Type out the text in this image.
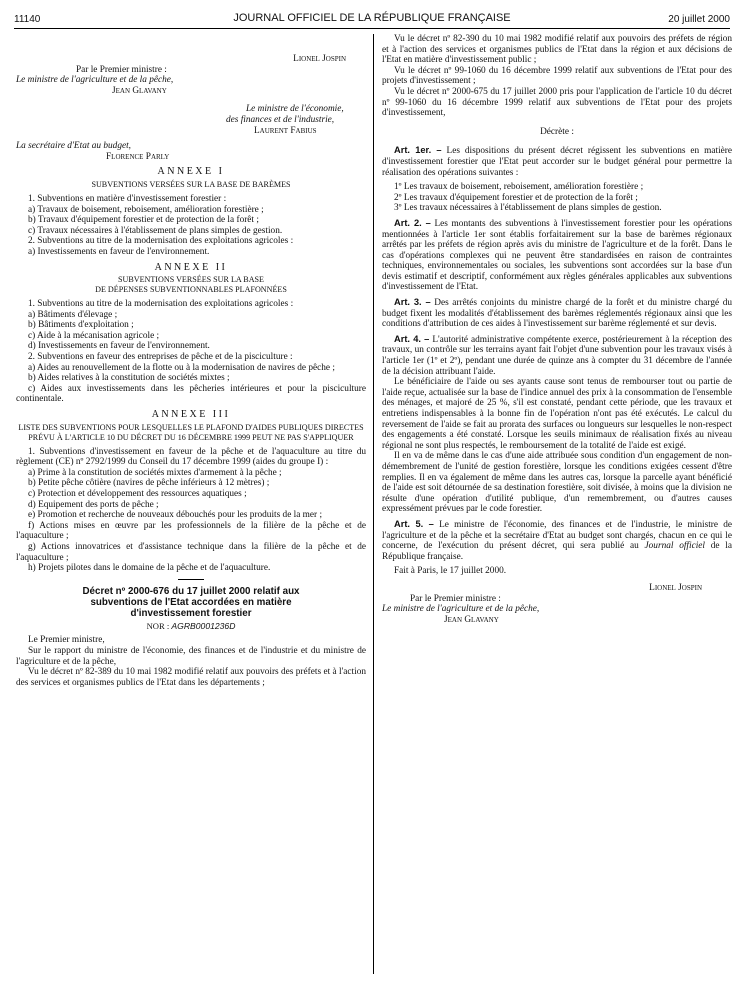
11140	JOURNAL OFFICIEL DE LA RÉPUBLIQUE FRANÇAISE	20 juillet 2000

Lionel Jospin

Par le Premier ministre :

Le ministre de l'agriculture et de la pêche,

Jean Glavany

Le ministre de l'économie,

des finances et de l'industrie,

Laurent Fabius

La secrétaire d'Etat au budget,

Florence Parly

ANNEXE I
SUBVENTIONS VERSÉES SUR LA BASE DE BARÈMES

1. Subventions en matière d'investissement forestier :

a) Travaux de boisement, reboisement, amélioration forestière ;

b) Travaux d'équipement forestier et de protection de la forêt ;

c) Travaux nécessaires à l'établissement de plans simples de gestion.

2. Subventions au titre de la modernisation des exploitations agricoles :

a) Investissements en faveur de l'environnement.

ANNEXE II
SUBVENTIONS VERSÉES SUR LA BASE
DE DÉPENSES SUBVENTIONNABLES PLAFONNÉES

1. Subventions au titre de la modernisation des exploitations agricoles :

a) Bâtiments d'élevage ;

b) Bâtiments d'exploitation ;

c) Aide à la mécanisation agricole ;

d) Investissements en faveur de l'environnement.

2. Subventions en faveur des entreprises de pêche et de la pisciculture :

a) Aides au renouvellement de la flotte ou à la modernisation de navires de pêche ;

b) Aides relatives à la constitution de sociétés mixtes ;

c) Aides aux investissements dans les pêcheries intérieures et pour la pisciculture continentale.

ANNEXE III
LISTE DES SUBVENTIONS POUR LESQUELLES LE PLAFOND D'AIDES PUBLIQUES DIRECTES PRÉVU À L'ARTICLE 10 DU DÉCRET DU 16 DÉCEMBRE 1999 PEUT NE PAS S'APPLIQUER

1. Subventions d'investissement en faveur de la pêche et de l'aquaculture au titre du règlement (CE) nº 2792/1999 du Conseil du 17 décembre 1999 (aides du groupe I) :

a) Prime à la constitution de sociétés mixtes d'armement à la pêche ;

b) Petite pêche côtière (navires de pêche inférieurs à 12 mètres) ;

c) Protection et développement des ressources aquatiques ;

d) Equipement des ports de pêche ;

e) Promotion et recherche de nouveaux débouchés pour les produits de la mer ;

f) Actions mises en œuvre par les professionnels de la filière de la pêche et de l'aquaculture ;

g) Actions innovatrices et d'assistance technique dans la filière de la pêche et de l'aquaculture ;

h) Projets pilotes dans le domaine de la pêche et de l'aquaculture.

Décret nº 2000-676 du 17 juillet 2000 relatif aux
subventions de l'Etat accordées en matière
d'investissement forestier
NOR : AGRB0001236D

Le Premier ministre,

Sur le rapport du ministre de l'économie, des finances et de l'industrie et du ministre de l'agriculture et de la pêche,

Vu le décret nº 82-389 du 10 mai 1982 modifié relatif aux pouvoirs des préfets et à l'action des services et organismes publics de l'Etat dans les départements ;

Vu le décret nº 82-390 du 10 mai 1982 modifié relatif aux pouvoirs des préfets de région et à l'action des services et organismes publics de l'Etat dans la région et aux décisions de l'Etat en matière d'investissement public ;

Vu le décret nº 99-1060 du 16 décembre 1999 relatif aux subventions de l'Etat pour des projets d'investissement ;

Vu le décret nº 2000-675 du 17 juillet 2000 pris pour l'application de l'article 10 du décret nº 99-1060 du 16 décembre 1999 relatif aux subventions de l'Etat pour des projets d'investissement,

Décrète :

Art. 1er. – Les dispositions du présent décret régissent les subventions en matière d'investissement forestier que l'Etat peut accorder sur le budget général pour permettre la réalisation des opérations suivantes :

1º Les travaux de boisement, reboisement, amélioration forestière ;

2º Les travaux d'équipement forestier et de protection de la forêt ;

3º Les travaux nécessaires à l'établissement de plans simples de gestion.

Art. 2. – Les montants des subventions à l'investissement forestier pour les opérations mentionnées à l'article 1er sont établis forfaitairement sur la base de barèmes régionaux arrêtés par les préfets de région après avis du ministre de l'agriculture et de la forêt. Dans le cas d'opérations complexes qui ne peuvent être standardisées en raison de contraintes techniques, environnementales ou sociales, les subventions sont accordées sur la base d'un devis estimatif et descriptif, conformément aux règles générales applicables aux subventions d'investissement de l'Etat.

Art. 3. – Des arrêtés conjoints du ministre chargé de la forêt et du ministre chargé du budget fixent les modalités d'établissement des barèmes réglementés régionaux ainsi que les conditions d'attribution de ces aides à l'investissement sur barème réglementé et sur devis.

Art. 4. – L'autorité administrative compétente exerce, postérieurement à la réception des travaux, un contrôle sur les terrains ayant fait l'objet d'une subvention pour les travaux visés à l'article 1er (1º et 2º), pendant une durée de quinze ans à compter du 31 décembre de l'année de la décision attribuant l'aide.

Le bénéficiaire de l'aide ou ses ayants cause sont tenus de rembourser tout ou partie de l'aide reçue, actualisée sur la base de l'indice annuel des prix à la consommation de l'ensemble des ménages, et majoré de 25 %, s'il est constaté, pendant cette période, que les travaux et entretiens indispensables à la bonne fin de l'opération n'ont pas été exécutés. Le calcul du reversement de l'aide se fait au prorata des surfaces ou longueurs sur lesquelles le non-respect des engagements a été constaté. Lorsque les seuils minimaux de réalisation fixés au niveau régional ne sont plus respectés, le remboursement de la totalité de l'aide est exigé.

Il en va de même dans le cas d'une aide attribuée sous condition d'un engagement de non-démembrement de l'unité de gestion forestière, lorsque les conditions exigées cessent d'être remplies. Il en va également de même dans les autres cas, lorsque la parcelle ayant bénéficié de l'aide est soit détournée de sa destination forestière, soit divisée, à moins que la division ne résulte d'une opération d'utilité publique, d'un remembrement, ou d'autres causes expressément prévues par le code forestier.

Art. 5. – Le ministre de l'économie, des finances et de l'industrie, le ministre de l'agriculture et de la pêche et la secrétaire d'Etat au budget sont chargés, chacun en ce qui le concerne, de l'exécution du présent décret, qui sera publié au Journal officiel de la République française.

Fait à Paris, le 17 juillet 2000.

Lionel Jospin

Par le Premier ministre :

Le ministre de l'agriculture et de la pêche,

Jean Glavany
